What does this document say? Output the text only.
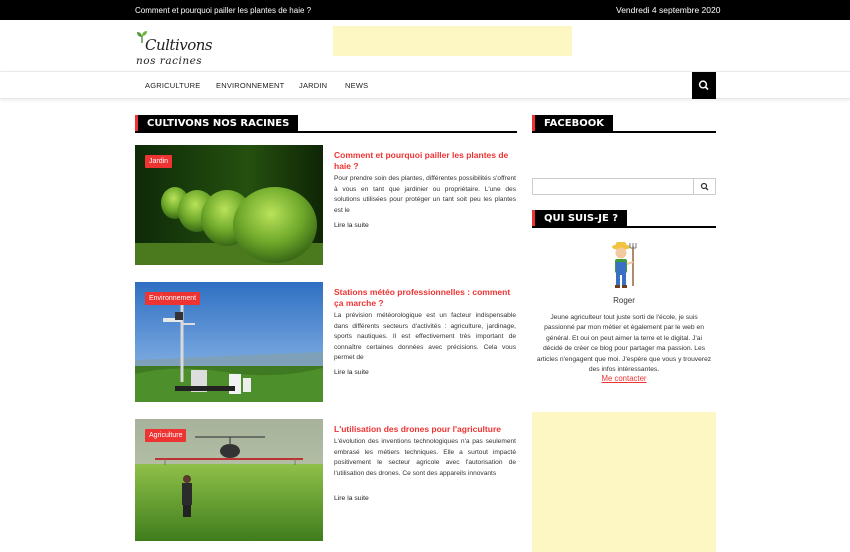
Comment et pourquoi pailler les plantes de haie ?	Vendredi 4 septembre 2020
Cultivons
nos racines
AGRICULTURE ENVIRONNEMENT JARDIN NEWS
CULTIVONS NOS RACINES
Jardin
Comment et pourquoi pailler les plantes de haie ?
Pour prendre soin des plantes, différentes possibilités s'offrent à vous en tant que jardinier ou propriétaire. L'une des solutions utilisées pour protéger un tant soit peu les plantes est le
Lire la suite
Environnement
Stations météo professionnelles : comment ça marche ?
La prévision météorologique est un facteur indispensable dans différents secteurs d'activités : agriculture, jardinage, sports nautiques. Il est effectivement très important de connaître certaines données avec précisions. Cela vous permet de
Lire la suite
Agriculture
L'utilisation des drones pour l'agriculture
L'évolution des inventions technologiques n'a pas seulement embrasé les métiers techniques. Elle a surtout impacté positivement le secteur agricole avec l'autorisation de l'utilisation des drones. Ce sont des appareils innovants
Lire la suite
FACEBOOK
QUI SUIS-JE ?
Roger
Jeune agriculteur tout juste sorti de l'école, je suis passionné par mon métier et également par le web en général. Et oui on peut aimer la terre et le digital. J'ai décidé de créer ce blog pour partager ma passion. Les articles n'engagent que moi. J'espère que vous y trouverez des infos intéressantes.
Me contacter
